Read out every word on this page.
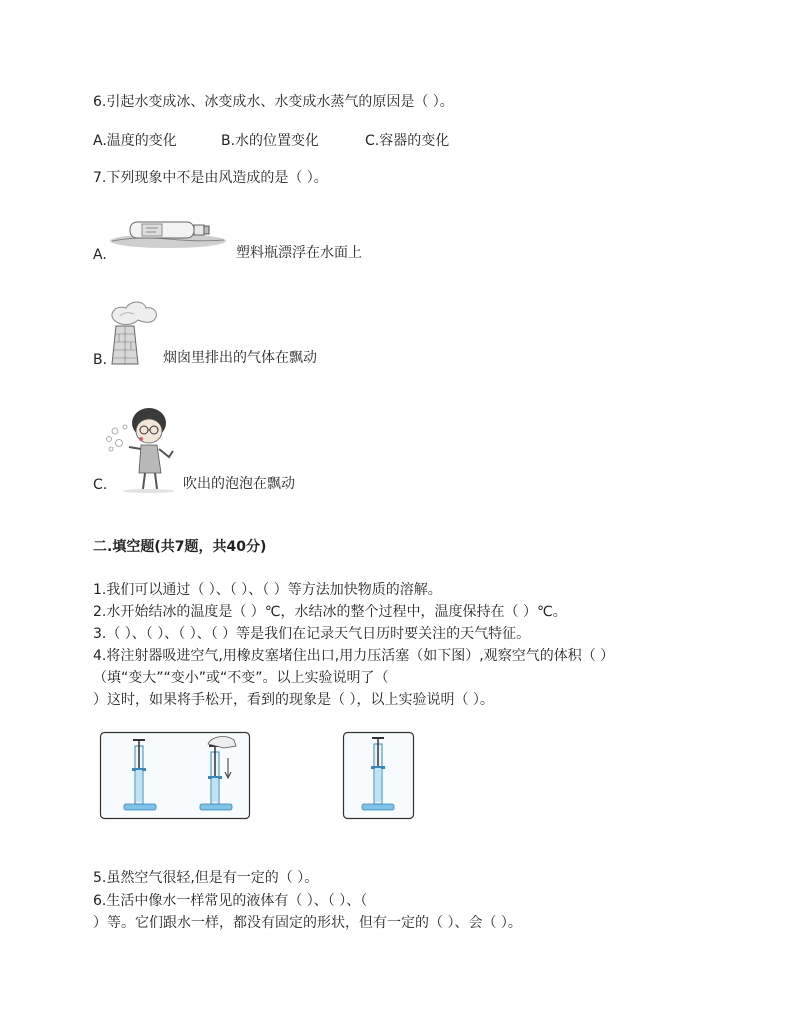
6.引起水变成冰、冰变成水、水变成水蒸气的原因是（ ）。
A.温度的变化	B.水的位置变化	C.容器的变化
7.下列现象中不是由风造成的是（ ）。
A.	塑料瓶漂浮在水面上
B.	烟囱里排出的气体在飘动
C.	吹出的泡泡在飘动
二.填空题(共7题，共40分)
1.我们可以通过（ ）、（ ）、（ ）等方法加快物质的溶解。
2.水开始结冰的温度是（ ）℃，水结冰的整个过程中，温度保持在（ ）℃。
3.（ ）、（ ）、（ ）、（ ）等是我们在记录天气日历时要关注的天气特征。
4.将注射器吸进空气,用橡皮塞堵住出口,用力压活塞（如下图）,观察空气的体积（ ）
（填“变大”“变小”或“不变”。以上实验说明了（
）这时，如果将手松开，看到的现象是（ ），以上实验说明（ ）。
5.虽然空气很轻,但是有一定的（ ）。
6.生活中像水一样常见的液体有（ ）、（ ）、（
）等。它们跟水一样，都没有固定的形状，但有一定的（ ）、会（ ）。
